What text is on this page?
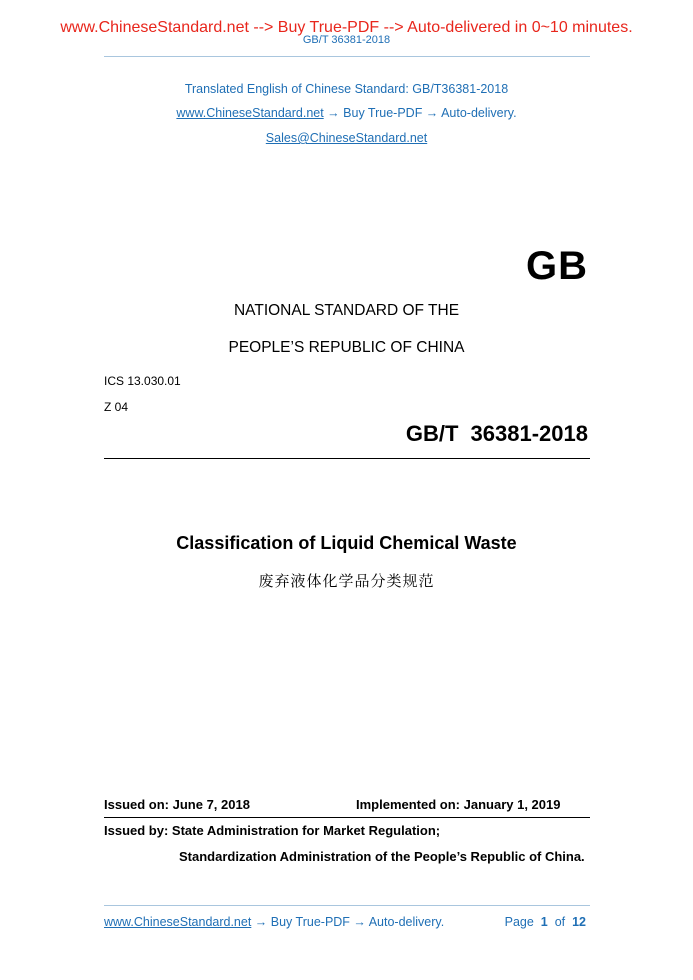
www.ChineseStandard.net --> Buy True-PDF --> Auto-delivered in 0~10 minutes.
GB/T 36381-2018
Translated English of Chinese Standard: GB/T36381-2018
www.ChineseStandard.net → Buy True-PDF → Auto-delivery.
Sales@ChineseStandard.net
GB
NATIONAL STANDARD OF THE
PEOPLE’S REPUBLIC OF CHINA
ICS 13.030.01
Z 04
GB/T 36381-2018
Classification of Liquid Chemical Waste
废弃液体化学品分类规范
Issued on: June 7, 2018	Implemented on: January 1, 2019
Issued by: State Administration for Market Regulation;
Standardization Administration of the People’s Republic of China.
www.ChineseStandard.net → Buy True-PDF → Auto-delivery.	Page 1 of 12
